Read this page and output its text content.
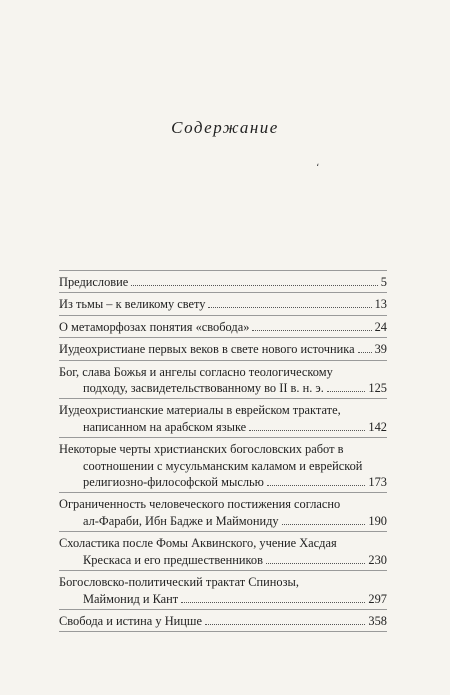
Содержание
،
Предисловие	5
Из тьмы – к великому свету	13
О метаморфозах понятия «свобода»	24
Иудеохристиане первых веков в свете нового источника 39
Бог, слава Божья и ангелы согласно теологическому
подходу, засвидетельствованному во II в. н. э.	125
Иудеохристианские материалы в еврейском трактате,
написанном на арабском языке	142
Некоторые черты христианских богословских работ в
соотношении с мусульманским каламом и еврейской
религиозно-философской мыслью	173
Ограниченность человеческого постижения согласно
ал-Фараби, Ибн Бадже и Маймониду	190
Схоластика после Фомы Аквинского, учение Хасдая
Крескаса и его предшественников	230
Богословско-политический трактат Спинозы,
Маймонид и Кант	297
Свобода и истина у Ницше	358
